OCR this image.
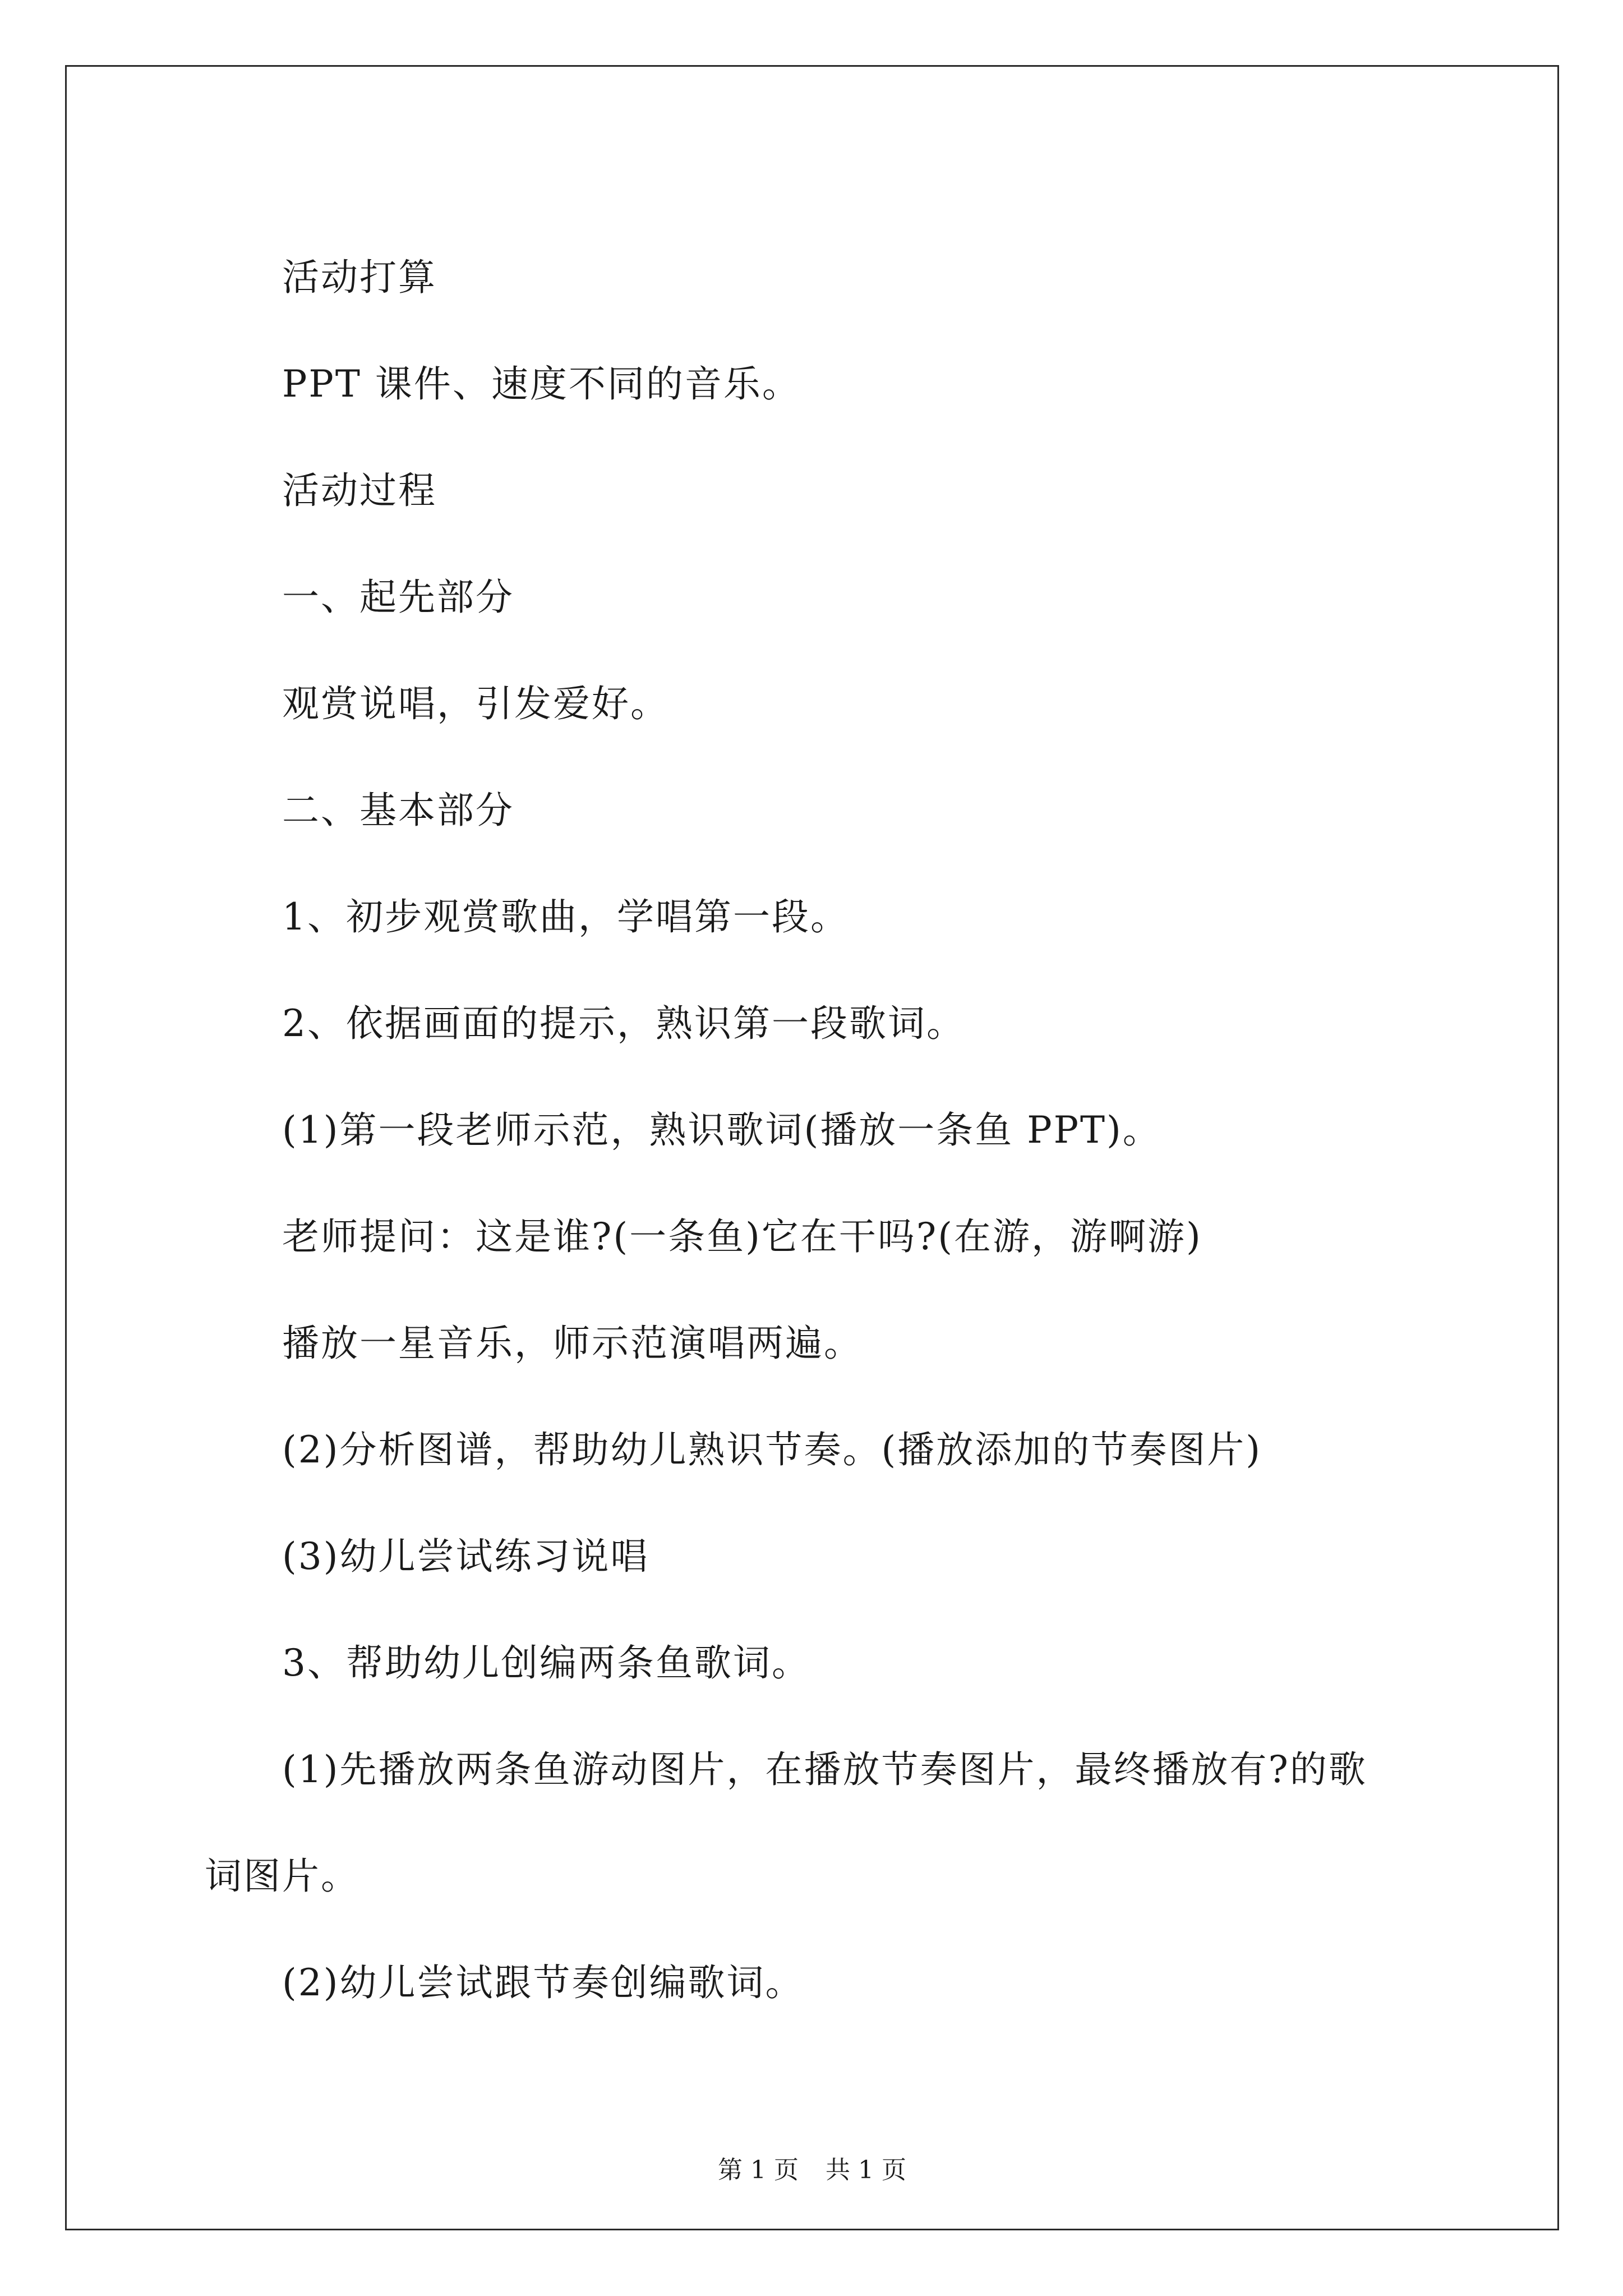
活动打算
PPT 课件、速度不同的音乐。
活动过程
一、起先部分
观赏说唱，引发爱好。
二、基本部分
1、初步观赏歌曲，学唱第一段。
2、依据画面的提示，熟识第一段歌词。
(1)第一段老师示范，熟识歌词(播放一条鱼 PPT)。
老师提问：这是谁?(一条鱼)它在干吗?(在游，游啊游)
播放一星音乐，师示范演唱两遍。
(2)分析图谱，帮助幼儿熟识节奏。(播放添加的节奏图片)
(3)幼儿尝试练习说唱
3、帮助幼儿创编两条鱼歌词。
(1)先播放两条鱼游动图片，在播放节奏图片，最终播放有?的歌
词图片。
(2)幼儿尝试跟节奏创编歌词。
第 1 页 共 1 页
